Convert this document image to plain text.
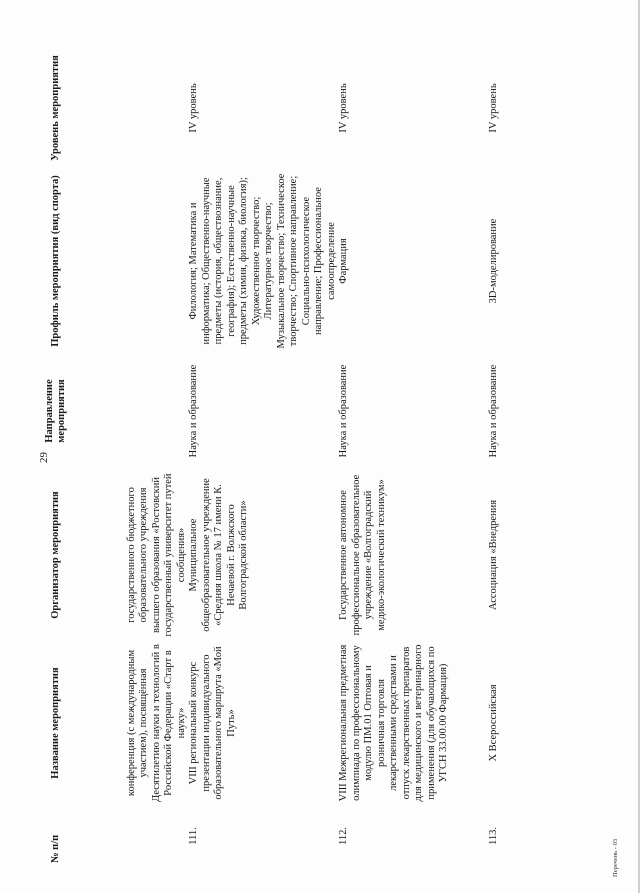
29
№ п/п	Название мероприятия	Организатор мероприятия	Направление мероприятия	Профиль мероприятия (вид спорта)	Уровень мероприятия
	конференция (с международным участием), посвящённая Десятилетию науки и технологий в Российской Федерации «Старт в науку»	государственного бюджетного образовательного учреждения высшего образования «Ростовский государственный университет путей сообщения»			
111.	VIII региональный конкурс презентации индивидуального образовательного маршрута «Мой Путь»	Муниципальное общеобразовательное учреждение «Средняя школа № 17 имени К. Нечаевой г. Волжского Волгоградской области»	Наука и образование	Филология; Математика и информатика; Общественно-научные предметы (история, обществознание, география); Естественно-научные предметы (химия, физика, биология); Художественное творчество; Литературное творчество; Музыкальное творчество; Техническое творчество; Спортивное направление; Социально-психологическое направление; Профессиональное самоопределение	IV уровень
112.	VIII Межрегиональная предметная олимпиада по профессиональному модулю ПМ.01 Оптовая и розничная торговля лекарственными средствами и отпуск лекарственных препаратов для медицинского и ветеринарного применения (для обучающихся по УГСН 33.00.00 Фармация)	Государственное автономное профессиональное образовательное учреждение «Волгоградский медико-экологический техникум»	Наука и образование	Фармация	IV уровень
113.	X Всероссийская	Ассоциация «Внедрения	Наука и образование	3D-моделирование	IV уровень
Перечень - 03
